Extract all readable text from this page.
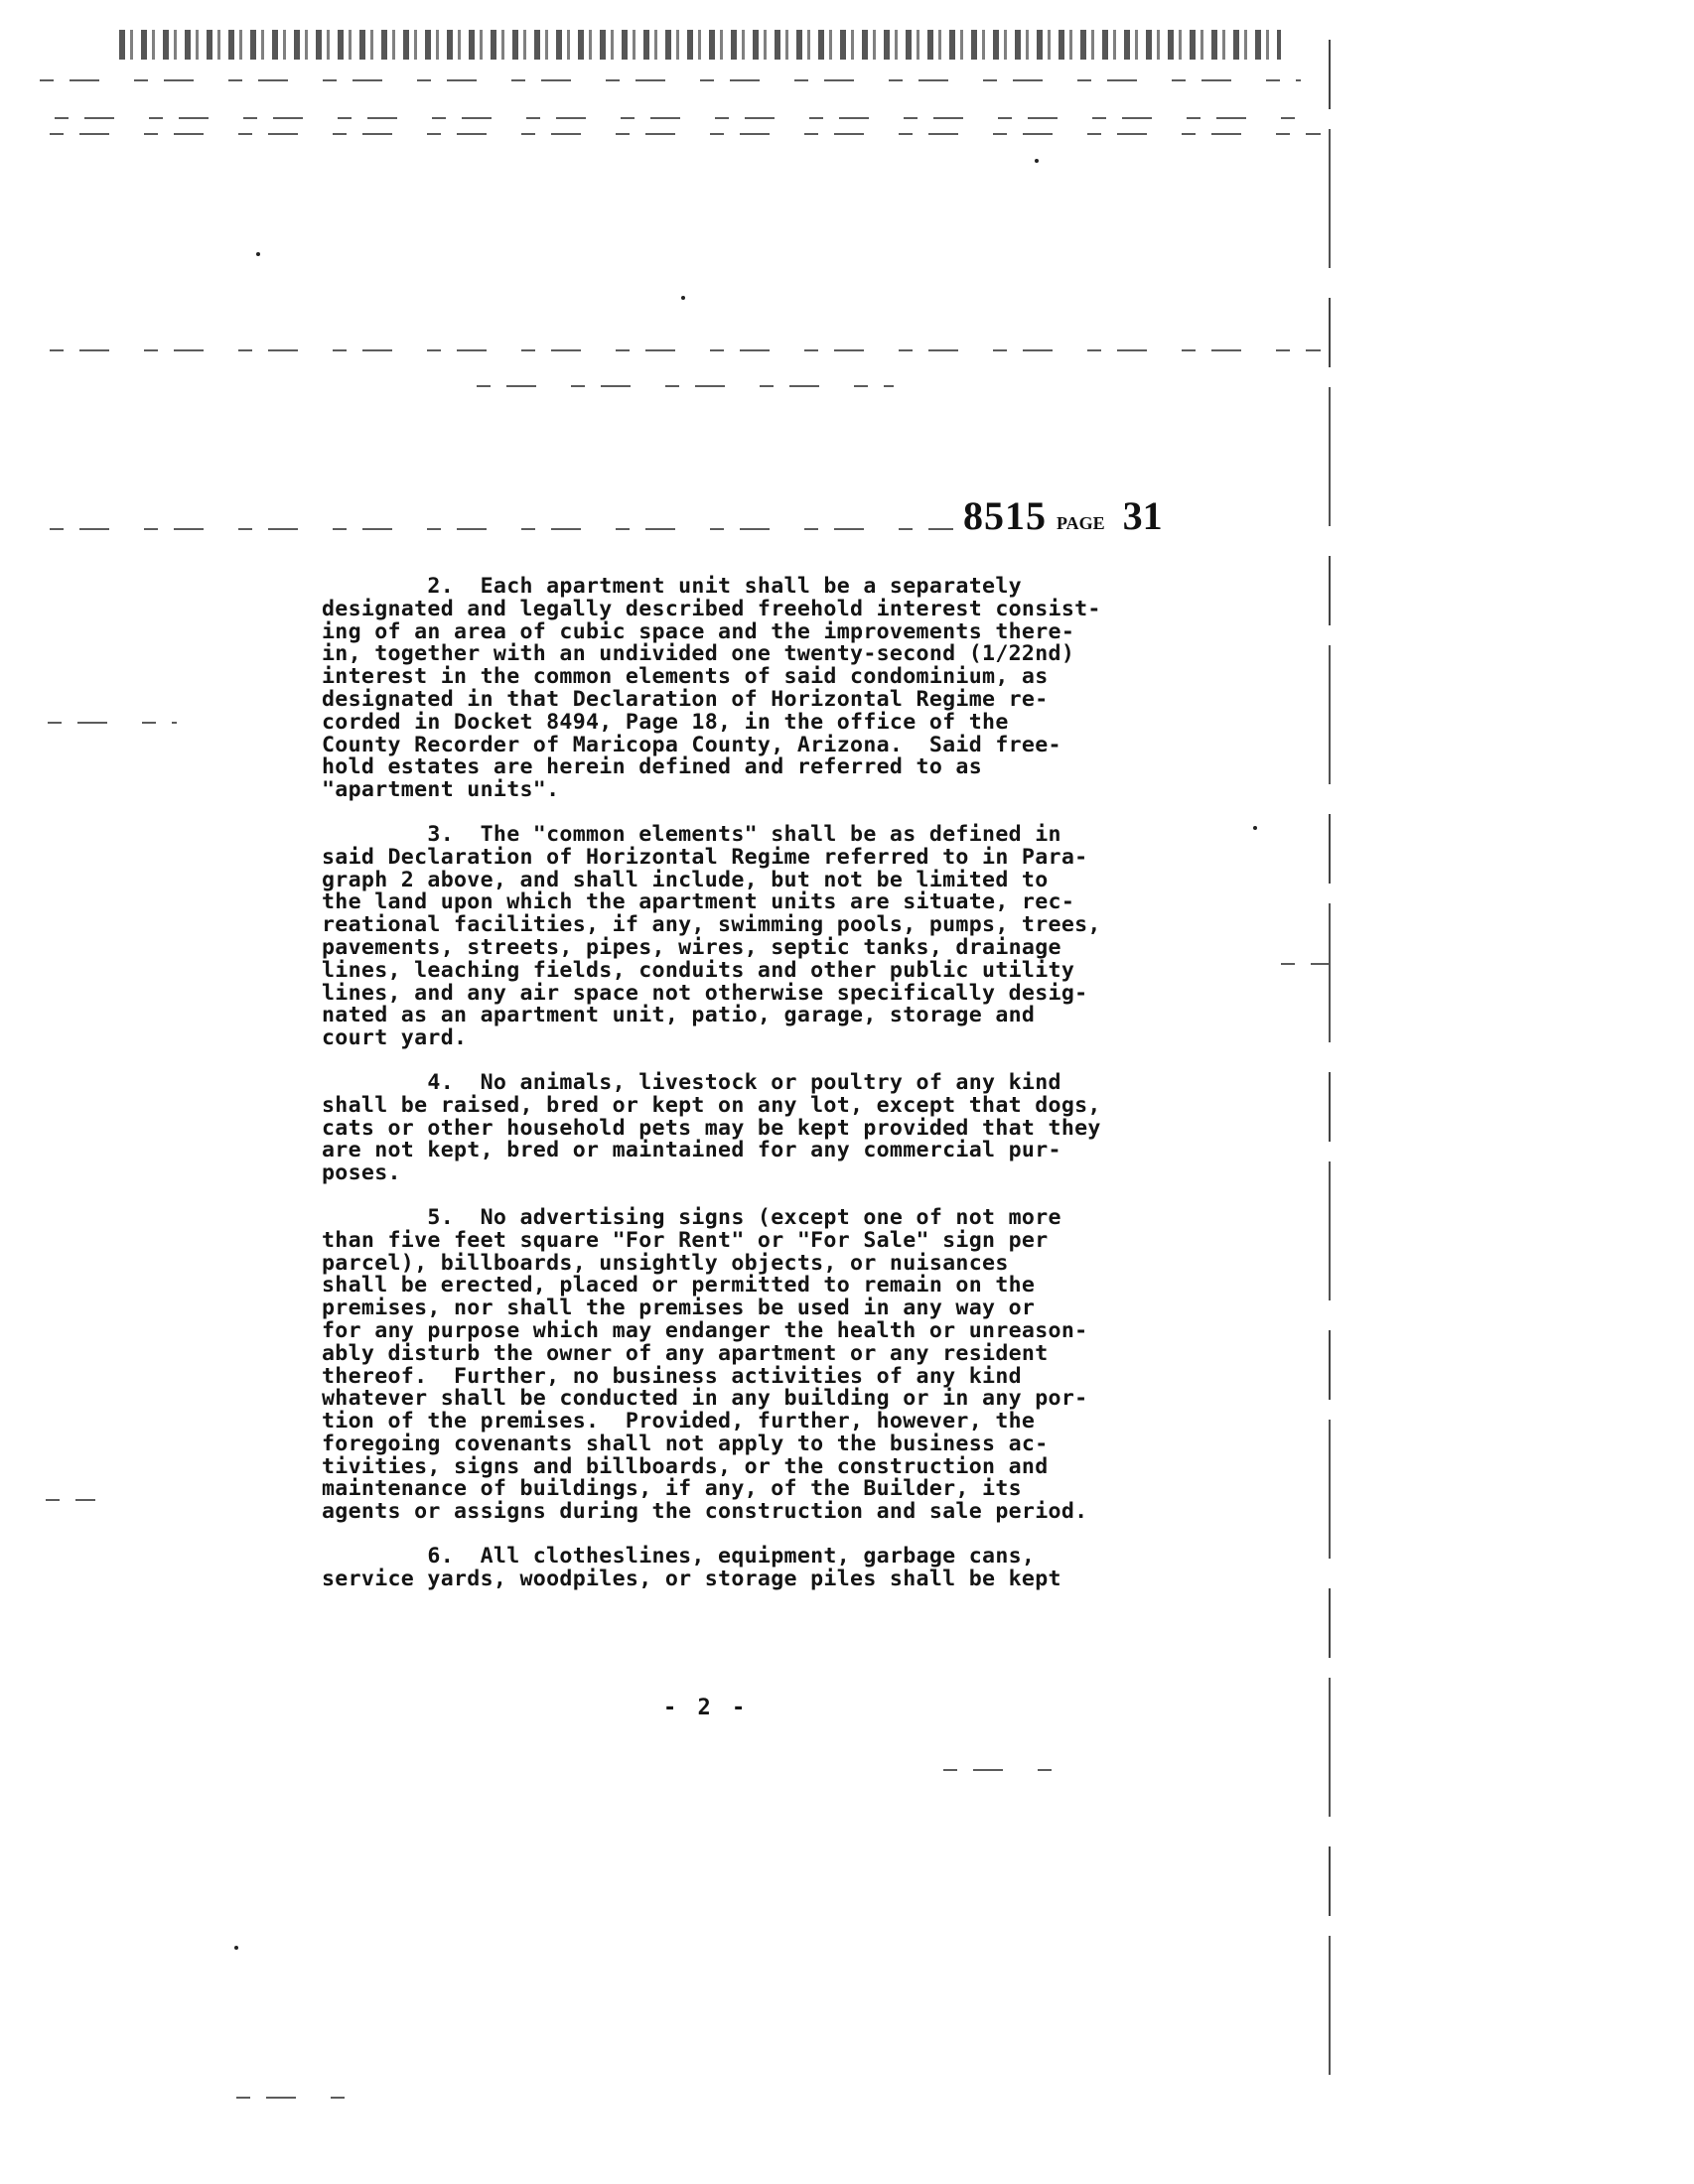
8515 PAGE 31
2.  Each apartment unit shall be a separately
designated and legally described freehold interest consist-
ing of an area of cubic space and the improvements there-
in, together with an undivided one twenty-second (1/22nd)
interest in the common elements of said condominium, as
designated in that Declaration of Horizontal Regime re-
corded in Docket 8494, Page 18, in the office of the
County Recorder of Maricopa County, Arizona.  Said free-
hold estates are herein defined and referred to as
"apartment units".
3.  The "common elements" shall be as defined in
said Declaration of Horizontal Regime referred to in Para-
graph 2 above, and shall include, but not be limited to
the land upon which the apartment units are situate, rec-
reational facilities, if any, swimming pools, pumps, trees,
pavements, streets, pipes, wires, septic tanks, drainage
lines, leaching fields, conduits and other public utility
lines, and any air space not otherwise specifically desig-
nated as an apartment unit, patio, garage, storage and
court yard.
4.  No animals, livestock or poultry of any kind
shall be raised, bred or kept on any lot, except that dogs,
cats or other household pets may be kept provided that they
are not kept, bred or maintained for any commercial pur-
poses.
5.  No advertising signs (except one of not more
than five feet square "For Rent" or "For Sale" sign per
parcel), billboards, unsightly objects, or nuisances
shall be erected, placed or permitted to remain on the
premises, nor shall the premises be used in any way or
for any purpose which may endanger the health or unreason-
ably disturb the owner of any apartment or any resident
thereof.  Further, no business activities of any kind
whatever shall be conducted in any building or in any por-
tion of the premises.  Provided, further, however, the
foregoing covenants shall not apply to the business ac-
tivities, signs and billboards, or the construction and
maintenance of buildings, if any, of the Builder, its
agents or assigns during the construction and sale period.
6.  All clotheslines, equipment, garbage cans,
service yards, woodpiles, or storage piles shall be kept
- 2 -
